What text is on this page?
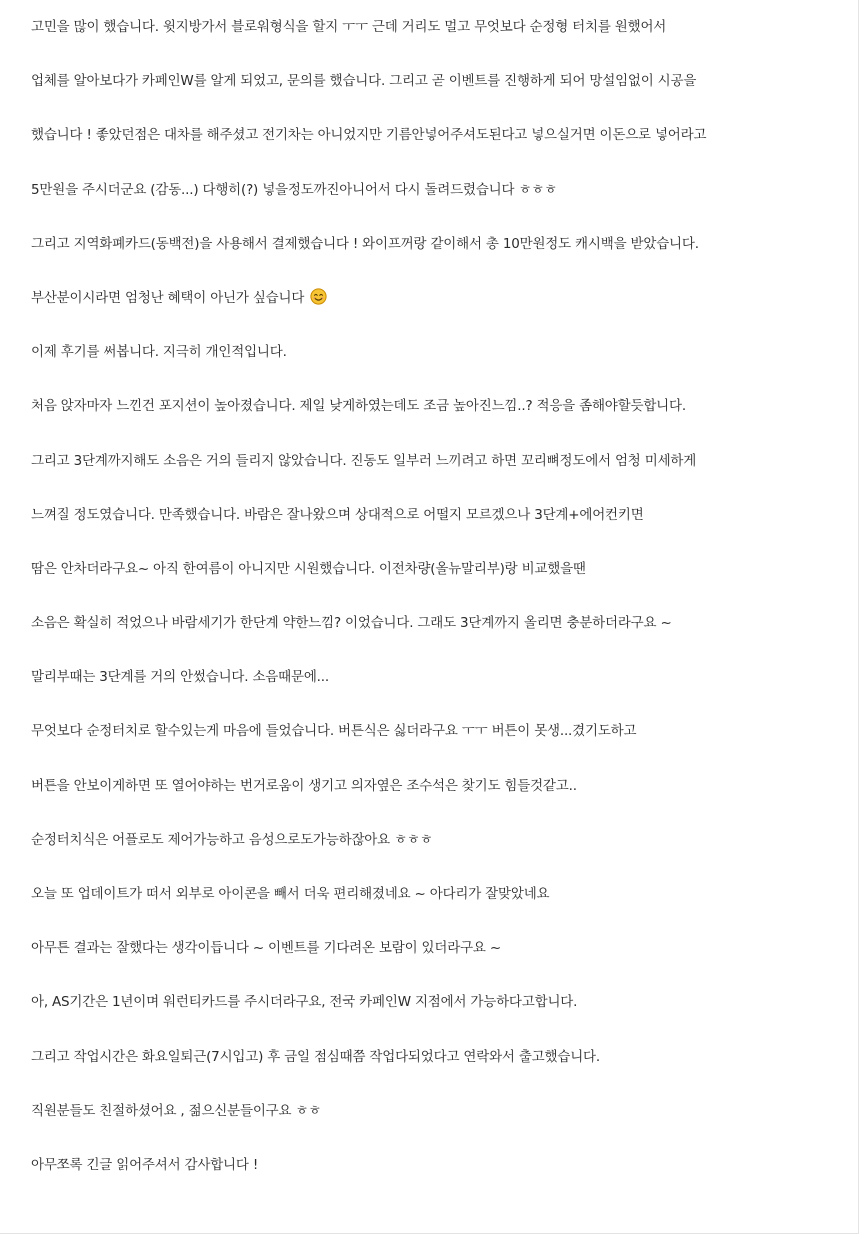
고민을 많이 했습니다. 윗지방가서 블로워형식을 할지 ㅜㅜ 근데 거리도 멀고 무엇보다 순정형 터치를 원했어서
업체를 알아보다가 카페인W를 알게 되었고, 문의를 했습니다. 그리고 곧 이벤트를 진행하게 되어 망설임없이 시공을
했습니다 ! 좋았던점은 대차를 해주셨고 전기차는 아니었지만 기름안넣어주셔도된다고 넣으실거면 이돈으로 넣어라고
5만원을 주시더군요 (감동...) 다행히(?) 넣을정도까진아니어서 다시 돌려드렸습니다 ㅎㅎㅎ
그리고 지역화폐카드(동백전)을 사용해서 결제했습니다 ! 와이프꺼랑 같이해서 총 10만원정도 캐시백을 받았습니다.
부산분이시라면 엄청난 혜택이 아닌가 싶습니다
이제 후기를 써봅니다. 지극히 개인적입니다.
처음 앉자마자 느낀건 포지션이 높아졌습니다. 제일 낮게하였는데도 조금 높아진느낌..? 적응을 좀해야할듯합니다.
그리고 3단계까지해도 소음은 거의 들리지 않았습니다. 진동도 일부러 느끼려고 하면 꼬리뼈정도에서 엄청 미세하게
느껴질 정도였습니다. 만족했습니다. 바람은 잘나왔으며 상대적으로 어떨지 모르겠으나 3단계+에어컨키면
땀은 안차더라구요~ 아직 한여름이 아니지만 시원했습니다. 이전차량(올뉴말리부)랑 비교했을땐
소음은 확실히 적었으나 바람세기가 한단계 약한느낌? 이었습니다. 그래도 3단계까지 올리면 충분하더라구요 ~
말리부때는 3단계를 거의 안썼습니다. 소음때문에...
무엇보다 순정터치로 할수있는게 마음에 들었습니다. 버튼식은 싫더라구요 ㅜㅜ 버튼이 못생...겼기도하고
버튼을 안보이게하면 또 열어야하는 번거로움이 생기고 의자옆은 조수석은 찾기도 힘들것같고..
순정터치식은 어플로도 제어가능하고 음성으로도가능하잖아요 ㅎㅎㅎ
오늘 또 업데이트가 떠서 외부로 아이콘을 빼서 더욱 편리해졌네요 ~ 아다리가 잘맞았네요
아무튼 결과는 잘했다는 생각이듭니다 ~ 이벤트를 기다려온 보람이 있더라구요 ~
아, AS기간은 1년이며 워런티카드를 주시더라구요, 전국 카페인W 지점에서 가능하다고합니다.
그리고 작업시간은 화요일퇴근(7시입고) 후 금일 점심때쯤 작업다되었다고 연락와서 출고했습니다.
직원분들도 친절하셨어요 , 젊으신분들이구요 ㅎㅎ
아무쪼록 긴글 읽어주셔서 감사합니다 !
